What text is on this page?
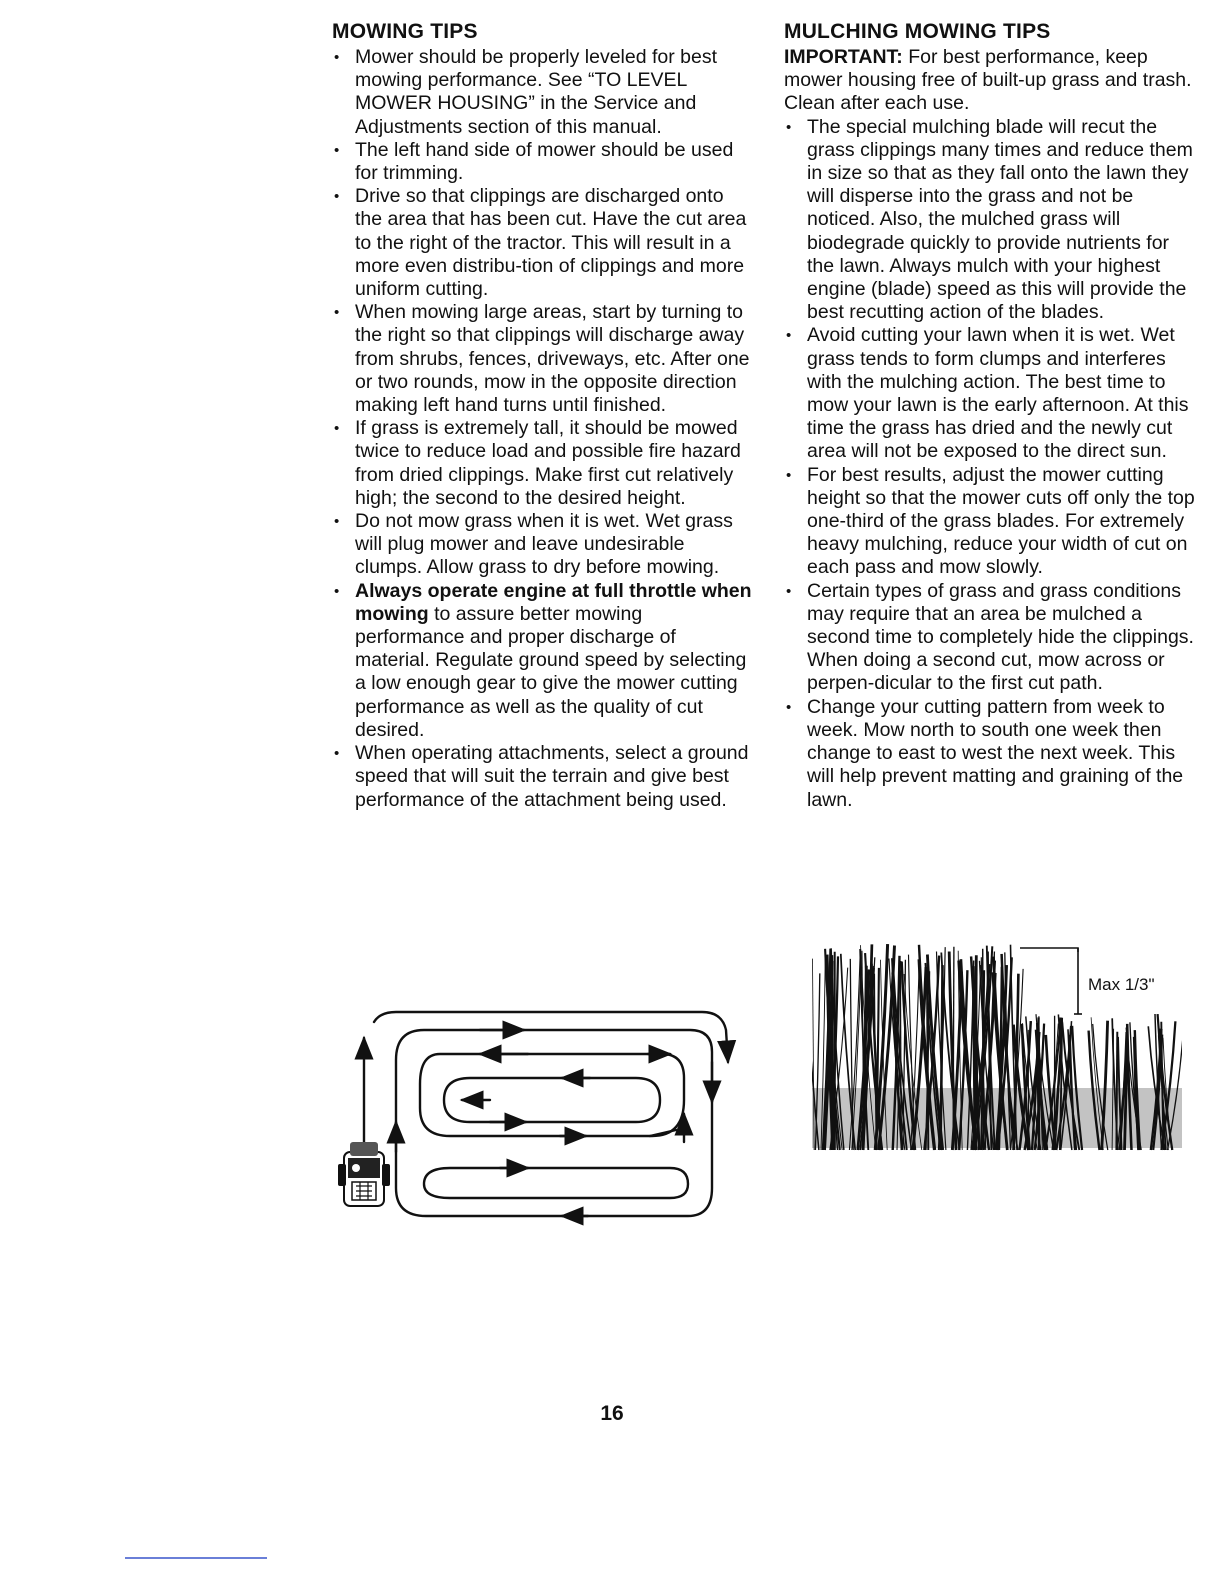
MOWING TIPS
• Mower should be properly leveled for best mowing performance. See “TO LEVEL MOWER HOUSING” in the Service and Adjustments section of this manual.
• The left hand side of mower should be used for trimming.
• Drive so that clippings are discharged onto the area that has been cut. Have the cut area to the right of the tractor. This will result in a more even distribu-tion of clippings and more uniform cutting.
• When mowing large areas, start by turning to the right so that clippings will discharge away from shrubs, fences, driveways, etc. After one or two rounds, mow in the opposite direction making left hand turns until finished.
• If grass is extremely tall, it should be mowed twice to reduce load and possible fire hazard from dried clippings. Make first cut relatively high; the second to the desired height.
• Do not mow grass when it is wet. Wet grass will plug mower and leave undesirable clumps. Allow grass to dry before mowing.
• Always operate engine at full throttle when mowing to assure better mowing performance and proper discharge of material. Regulate ground speed by selecting a low enough gear to give the mower cutting performance as well as the quality of cut desired.
• When operating attachments, select a ground speed that will suit the terrain and give best performance of the attachment being used.
MULCHING MOWING TIPS

IMPORTANT: For best performance, keep mower housing free of built-up grass and trash. Clean after each use.

• The special mulching blade will recut the grass clippings many times and reduce them in size so that as they fall onto the lawn they will disperse into the grass and not be noticed. Also, the mulched grass will biodegrade quickly to provide nutrients for the lawn. Always mulch with your highest engine (blade) speed as this will provide the best recutting action of the blades.
• Avoid cutting your lawn when it is wet. Wet grass tends to form clumps and interferes with the mulching action. The best time to mow your lawn is the early afternoon. At this time the grass has dried and the newly cut area will not be exposed to the direct sun.
• For best results, adjust the mower cutting height so that the mower cuts off only the top one-third of the grass blades. For extremely heavy mulching, reduce your width of cut on each pass and mow slowly.
• Certain types of grass and grass conditions may require that an area be mulched a second time to completely hide the clippings. When doing a second cut, mow across or perpen-dicular to the first cut path.
• Change your cutting pattern from week to week. Mow north to south one week then change to east to west the next week. This will help prevent matting and graining of the lawn.
Max 1/3"
16
